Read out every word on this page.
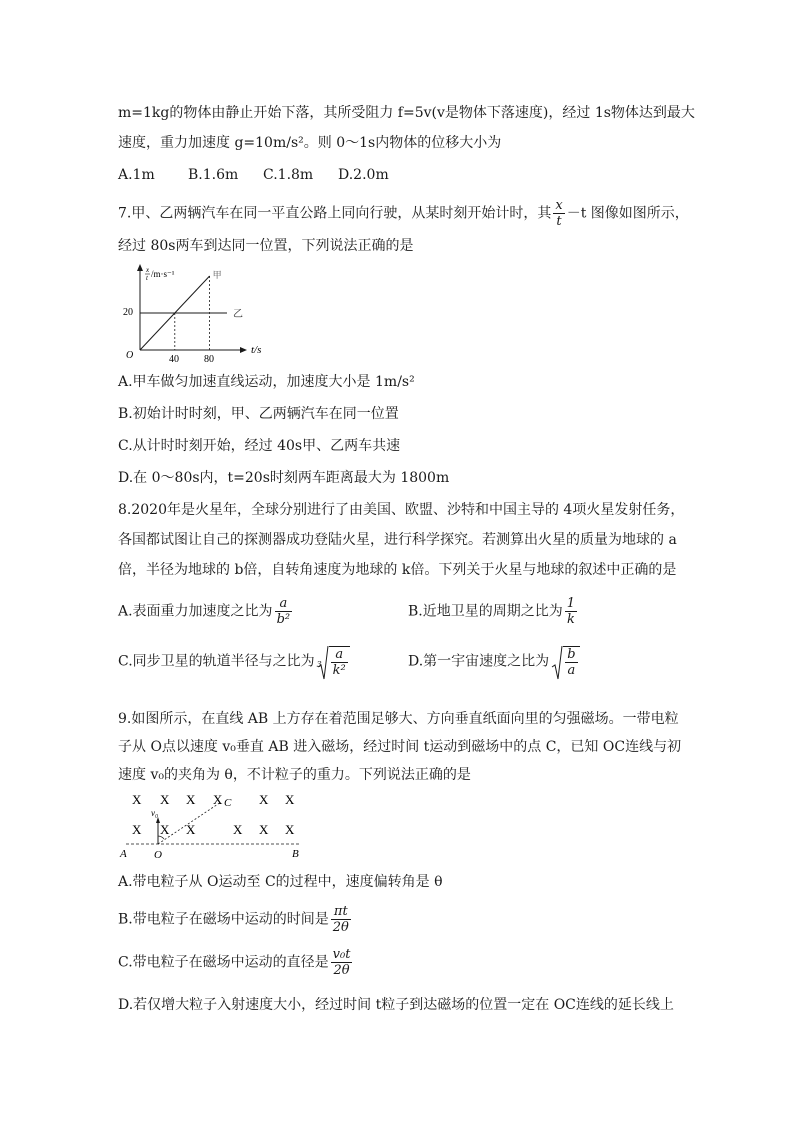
m=1kg的物体由静止开始下落，其所受阻力 f=5v(v是物体下落速度)，经过 1s物体达到最大
速度，重力加速度 g=10m/s²。则 0～1s内物体的位移大小为
A.1m B.1.6m C.1.8m D.2.0m
7.甲、乙两辆汽车在同一平直公路上同向行驶，从某时刻开始计时，其 $\frac{x}{t} -t$ 图像如图所示，
经过 80s两车到达同一位置，下列说法正确的是
x
t /m·s⁻¹
O
20
40	80
t/s
甲
乙
A.甲车做匀加速直线运动，加速度大小是 1m/s²
B.初始计时时刻，甲、乙两辆汽车在同一位置
C.从计时时刻开始，经过 40s甲、乙两车共速
D.在 0～80s内，t=20s时刻两车距离最大为 1800m
8.2020年是火星年，全球分别进行了由美国、欧盟、沙特和中国主导的 4项火星发射任务，
各国都试图让自己的探测器成功登陆火星，进行科学探究。若测算出火星的质量为地球的 a
倍，半径为地球的 b倍，自转角速度为地球的 k倍。下列关于火星与地球的叙述中正确的是
A.表面重力加速度之比为 $\frac{a}{\text{b²}}$	B.近地卫星的周期之比为 $\frac{1}{k}$
C.同步卫星的轨道半径与之比为 $3 \frac{a}{\text{k²}}$	D.第一宇宙速度之比为 $\frac{b}{a}$
9.如图所示，在直线 AB 上方存在着范围足够大、方向垂直纸面向里的匀强磁场。一带电粒
子从 O点以速度 v₀垂直 AB 进入磁场，经过时间 t运动到磁场中的点 C，已知 OC连线与初
速度 v₀的夹角为 θ，不计粒子的重力。下列说法正确的是
X X X X	X X
X X X	X X X
C
v₀
A O	B
A.带电粒子从 O运动至 C的过程中，速度偏转角是 θ
B.带电粒子在磁场中运动的时间是 $\frac{\pi t}{2\theta}$
C.带电粒子在磁场中运动的直径是 $\frac{\text{v₀t}}{2\theta}$
D.若仅增大粒子入射速度大小，经过时间 t粒子到达磁场的位置一定在 OC连线的延长线上
